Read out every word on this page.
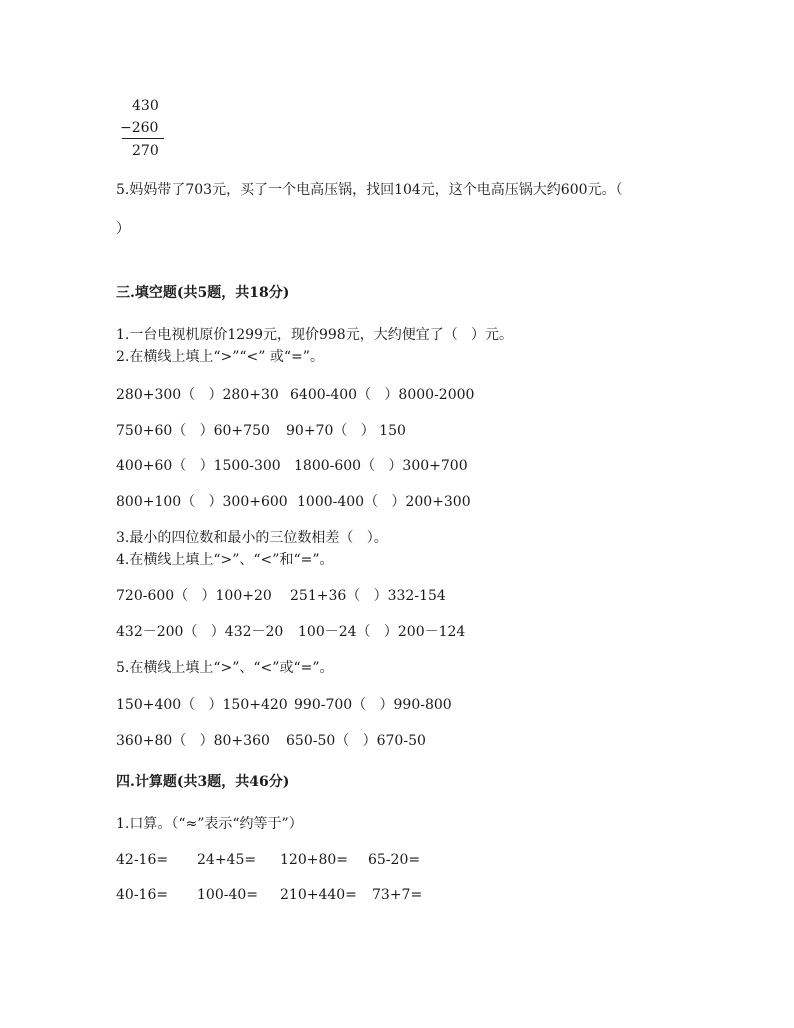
430
−260
270
5.妈妈带了703元，买了一个电高压锅，找回104元，这个电高压锅大约600元。（
）
三.填空题(共5题，共18分)
1.一台电视机原价1299元，现价998元，大约便宜了（   ）元。
2.在横线上填上“>”“<” 或“=”。
280+300（   ）280+30 6400-400（   ）8000-2000
750+60（   ）60+750 90+70（   ） 150
400+60（   ）1500-300 1800-600（   ）300+700
800+100（   ）300+600 1000-400（   ）200+300
3.最小的四位数和最小的三位数相差（   ）。
4.在横线上填上“>”、“<”和“=”。
720-600（   ）100+20 251+36（   ）332-154
432－200（   ）432－20 100－24（   ）200－124
5.在横线上填上“>”、“<”或“=”。
150+400（   ）150+420 990-700（   ）990-800
360+80（   ）80+360 650-50（   ）670-50
四.计算题(共3题，共46分)
1.口算。（“≈”表示“约等于”）
42-16= 24+45= 120+80= 65-20=
40-16= 100-40= 210+440= 73+7=
